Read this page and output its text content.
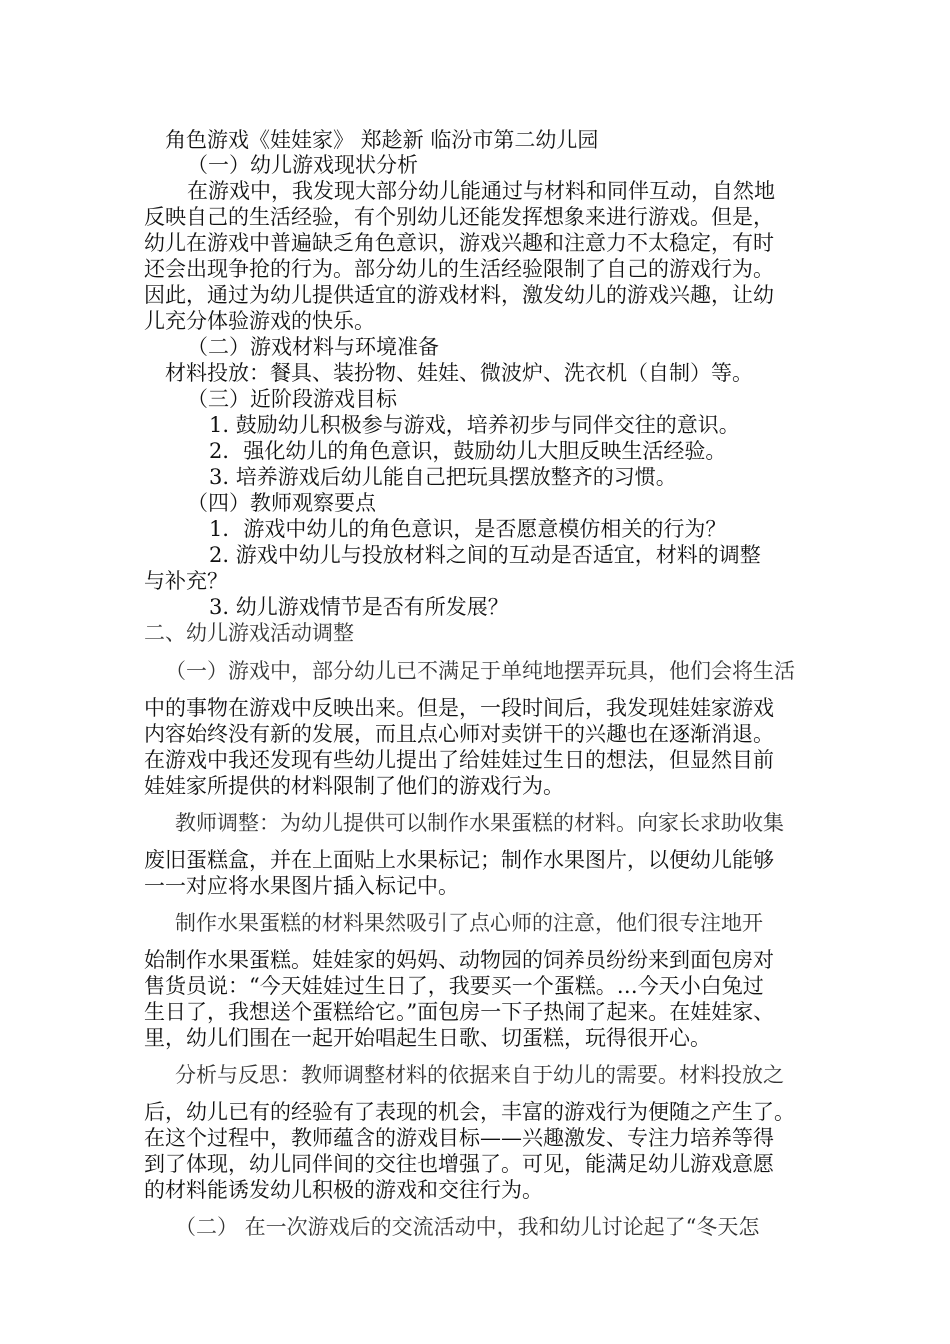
角色游戏《娃娃家》 郑趁新 临汾市第二幼儿园
（一）幼儿游戏现状分析
在游戏中，我发现大部分幼儿能通过与材料和同伴互动，自然地
反映自己的生活经验，有个别幼儿还能发挥想象来进行游戏。但是，
幼儿在游戏中普遍缺乏角色意识，游戏兴趣和注意力不太稳定，有时
还会出现争抢的行为。部分幼儿的生活经验限制了自己的游戏行为。
因此，通过为幼儿提供适宜的游戏材料，激发幼儿的游戏兴趣，让幼
儿充分体验游戏的快乐。
（二）游戏材料与环境准备
材料投放：餐具、装扮物、娃娃、微波炉、洗衣机（自制）等。
（三）近阶段游戏目标
1. 鼓励幼儿积极参与游戏，培养初步与同伴交往的意识。
2．强化幼儿的角色意识，鼓励幼儿大胆反映生活经验。
3. 培养游戏后幼儿能自己把玩具摆放整齐的习惯。
（四）教师观察要点
1．游戏中幼儿的角色意识，是否愿意模仿相关的行为？
2. 游戏中幼儿与投放材料之间的互动是否适宜，材料的调整
与补充？
3. 幼儿游戏情节是否有所发展？
二、幼儿游戏活动调整
（一）游戏中，部分幼儿已不满足于单纯地摆弄玩具，他们会将生活
中的事物在游戏中反映出来。但是，一段时间后，我发现娃娃家游戏
内容始终没有新的发展，而且点心师对卖饼干的兴趣也在逐渐消退。
在游戏中我还发现有些幼儿提出了给娃娃过生日的想法，但显然目前
娃娃家所提供的材料限制了他们的游戏行为。
教师调整：为幼儿提供可以制作水果蛋糕的材料。向家长求助收集
废旧蛋糕盒，并在上面贴上水果标记；制作水果图片，以便幼儿能够
一一对应将水果图片插入标记中。
制作水果蛋糕的材料果然吸引了点心师的注意，他们很专注地开
始制作水果蛋糕。娃娃家的妈妈、动物园的饲养员纷纷来到面包房对
售货员说：“今天娃娃过生日了，我要买一个蛋糕。…今天小白兔过
生日了，我想送个蛋糕给它。”面包房一下子热闹了起来。在娃娃家、
里，幼儿们围在一起开始唱起生日歌、切蛋糕，玩得很开心。
分析与反思：教师调整材料的依据来自于幼儿的需要。材料投放之
后，幼儿已有的经验有了表现的机会，丰富的游戏行为便随之产生了。
在这个过程中，教师蕴含的游戏目标——兴趣激发、专注力培养等得
到了体现，幼儿同伴间的交往也增强了。可见，能满足幼儿游戏意愿
的材料能诱发幼儿积极的游戏和交往行为。
（二） 在一次游戏后的交流活动中，我和幼儿讨论起了“冬天怎
